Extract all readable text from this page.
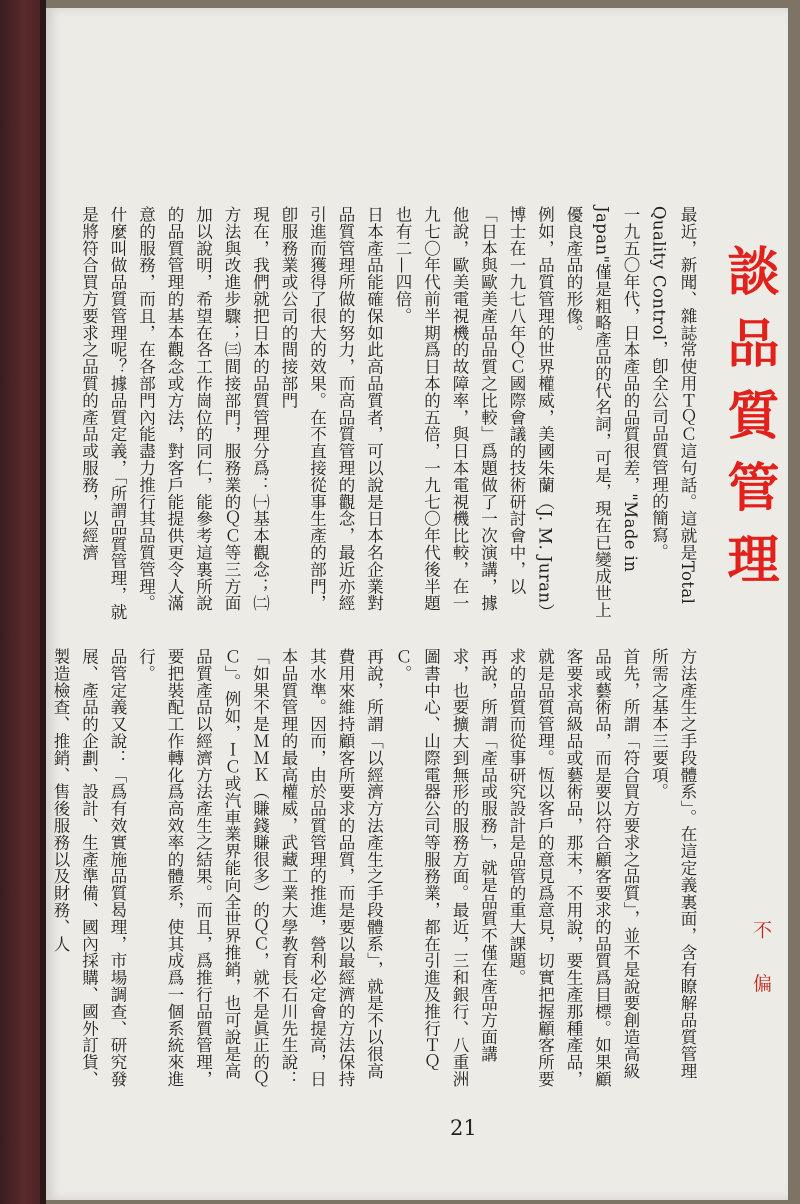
談品質管理
不 偏

最近，新聞、雜誌常使用ＴＱＣ這句話。這就是Total Quality Control，卽全公司品質管理的簡寫。

一九五〇年代，日本產品的品質很差，"Made in Japan"僅是粗略產品的代名詞，可是，現在已變成世上優良產品的形像。

例如，品質管理的世界權威，美國朱蘭（J. M. Juran）博士在一九七八年ＱＣ國際會議的技術研討會中，以「日本與歐美產品品質之比較」爲題做了一次演講，據他說，歐美電視機的故障率，與日本電視機比較，在一九七〇年代前半期爲日本的五倍，一九七〇年代後半題也有二—四倍。

日本產品能確保如此高品質者，可以說是日本名企業對品質管理所做的努力，而高品質管理的觀念，最近亦經引進而獲得了很大的效果。在不直接從事生產的部門，卽服務業或公司的間接部門

現在，我們就把日本的品質管理分爲：㈠基本觀念；㈡方法與改進步驟；㈢間接部門，服務業的ＱＣ等三方面加以說明，希望在各工作崗位的同仁，能參考這裏所說的品質管理的基本觀念或方法，對客戶能提供更令人滿意的服務，而且，在各部門內能盡力推行其品質管理。

什麼叫做品質管理呢？據品質定義，「所謂品質管理，就是將符合買方要求之品質的產品或服務，以經濟

方法產生之手段體系」。在這定義裏面，含有瞭解品質管理所需之基本三要項。

首先，所謂「符合買方要求之品質」，並不是說要創造高級品或藝術品，而是要以符合顧客要求的品質爲目標。如果顧客要求高級品或藝術品，那末，不用說，要生產那種產品，就是品質管理。恆以客戶的意見爲意見，切實把握顧客所要求的品質而從事研究設計是品管的重大課題。

再說，所謂「產品或服務」，就是品質不僅在產品方面講求，也要擴大到無形的服務方面。最近，三和銀行、八重洲圖書中心、山際電器公司等服務業，都在引進及推行ＴＱＣ。

再說，所謂「以經濟方法產生之手段體系」，就是不以很高費用來維持顧客所要求的品質，而是要以最經濟的方法保持其水準。因而，由於品質管理的推進，營利必定會提高，日本品質管理的最高權威，武藏工業大學教育長石川先生說：「如果不是ＭＭＫ（賺錢賺很多）的ＱＣ，就不是眞正的ＱＣ」。例如，ＩＣ或汽車業界能向全世界推銷，也可說是高品質產品以經濟方法產生之結果。而且，爲推行品質管理，要把裝配工作轉化爲高效率的體系，使其成爲一個系統來進行。

品管定義又說：「爲有效實施品質曷理，市場調查、研究發展、產品的企劃、設計、生產準備、國內採購、國外訂貨、製造檢查、推銷、售後服務以及財務、人

21
